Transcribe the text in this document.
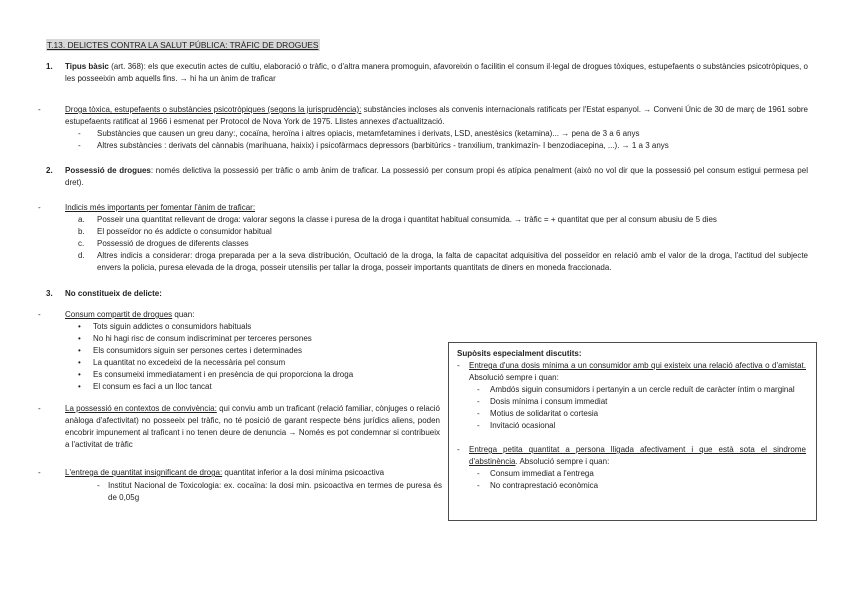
T.13. DELICTES CONTRA LA SALUT PÚBLICA: TRÀFIC DE DROGUES
1.	Tipus bàsic (art. 368): els que executin actes de cultiu, elaboració o tràfic, o d'altra manera promoguin, afavoreixin o facilitin el consum il·legal de drogues tòxiques, estupefaents o substàncies psicotròpiques, o les posseeixin amb aquells fins. → hi ha un ànim de traficar
-	Droga tòxica, estupefaents o substàncies psicotròpiques (segons la jurisprudència): substàncies incloses als convenis internacionals ratificats per l'Estat espanyol. → Conveni Únic de 30 de març de 1961 sobre estupefaents ratificat al 1966 i esmenat per Protocol de Nova York de 1975. Llistes annexes d'actualització.
-	Substàncies que causen un greu dany:, cocaïna, heroïna i altres opiacis, metamfetamines i derivats, LSD, anestèsics (ketamina)... → pena de 3 a 6 anys
-	Altres substàncies : derivats del cànnabis (marihuana, haixix) i psicofàrmacs depressors (barbitúrics - tranxilium, trankimazín- I benzodiacepina, ...). → 1 a 3 anys
2.	Possessió de drogues: només delictiva la possessió per tràfic o amb ànim de traficar. La possessió per consum propi és atípica penalment (això no vol dir que la possessió pel consum estigui permesa pel dret).
-	Indicis més importants per fomentar l'ànim de traficar:
a.	Posseir una quantitat rellevant de droga: valorar segons la classe i puresa de la droga i quantitat habitual consumida. → tràfic = + quantitat que per al consum abusiu de 5 dies
b.	El posseïdor no és addicte o consumidor habitual
c.	Possessió de drogues de diferents classes
d.	Altres indicis a considerar: droga preparada per a la seva distribución, Ocultació de la droga, la falta de capacitat adquisitiva del posseïdor en relació amb el valor de la droga, l'actitud del subjecte envers la policia, puresa elevada de la droga, posseir utensilis per tallar la droga, posseir importants quantitats de diners en moneda fraccionada.
3.	No constitueix de delicte:
-	Consum compartit de drogues quan:
•	Tots siguin addictes o consumidors habituals
•	No hi hagi risc de consum indiscriminat per terceres persones
•	Els consumidors siguin ser persones certes i determinades
•	La quantitat no excedeixi de la necessària pel consum
•	Es consumeixi immediatament i en presència de qui proporciona la droga
•	El consum es faci a un lloc tancat
-	La possessió en contextos de convivència: qui conviu amb un traficant (relació familiar, cònjuges o relació anàloga d'afectivitat) no posseeix pel tràfic, no té posició de garant respecte béns jurídics aliens, poden encobrir impunement al traficant i no tenen deure de denuncia → Només es pot condemnar si contribueix a l'activitat de tràfic
-	L'entrega de quantitat insignificant de droga: quantitat inferior a la dosi mínima psicoactiva
-	Institut Nacional de Toxicologia: ex. cocaïna: la dosi min. psicoactiva en termes de puresa és de 0,05g
Supòsits especialment discutits:
-	Entrega d'una dosis mínima a un consumidor amb qui existeix una relació afectiva o d'amistat. Absolució sempre i quan:
-	Ambdós siguin consumidors i pertanyin a un cercle reduït de caràcter íntim o marginal
-	Dosis mínima i consum immediat
-	Motius de solidaritat o cortesia
-	Invitació ocasional
-	Entrega petita quantitat a persona lligada afectivament i que està sota el sindrome d'abstinència. Absolució sempre i quan:
-	Consum immediat a l'entrega
-	No contraprestació econòmica
